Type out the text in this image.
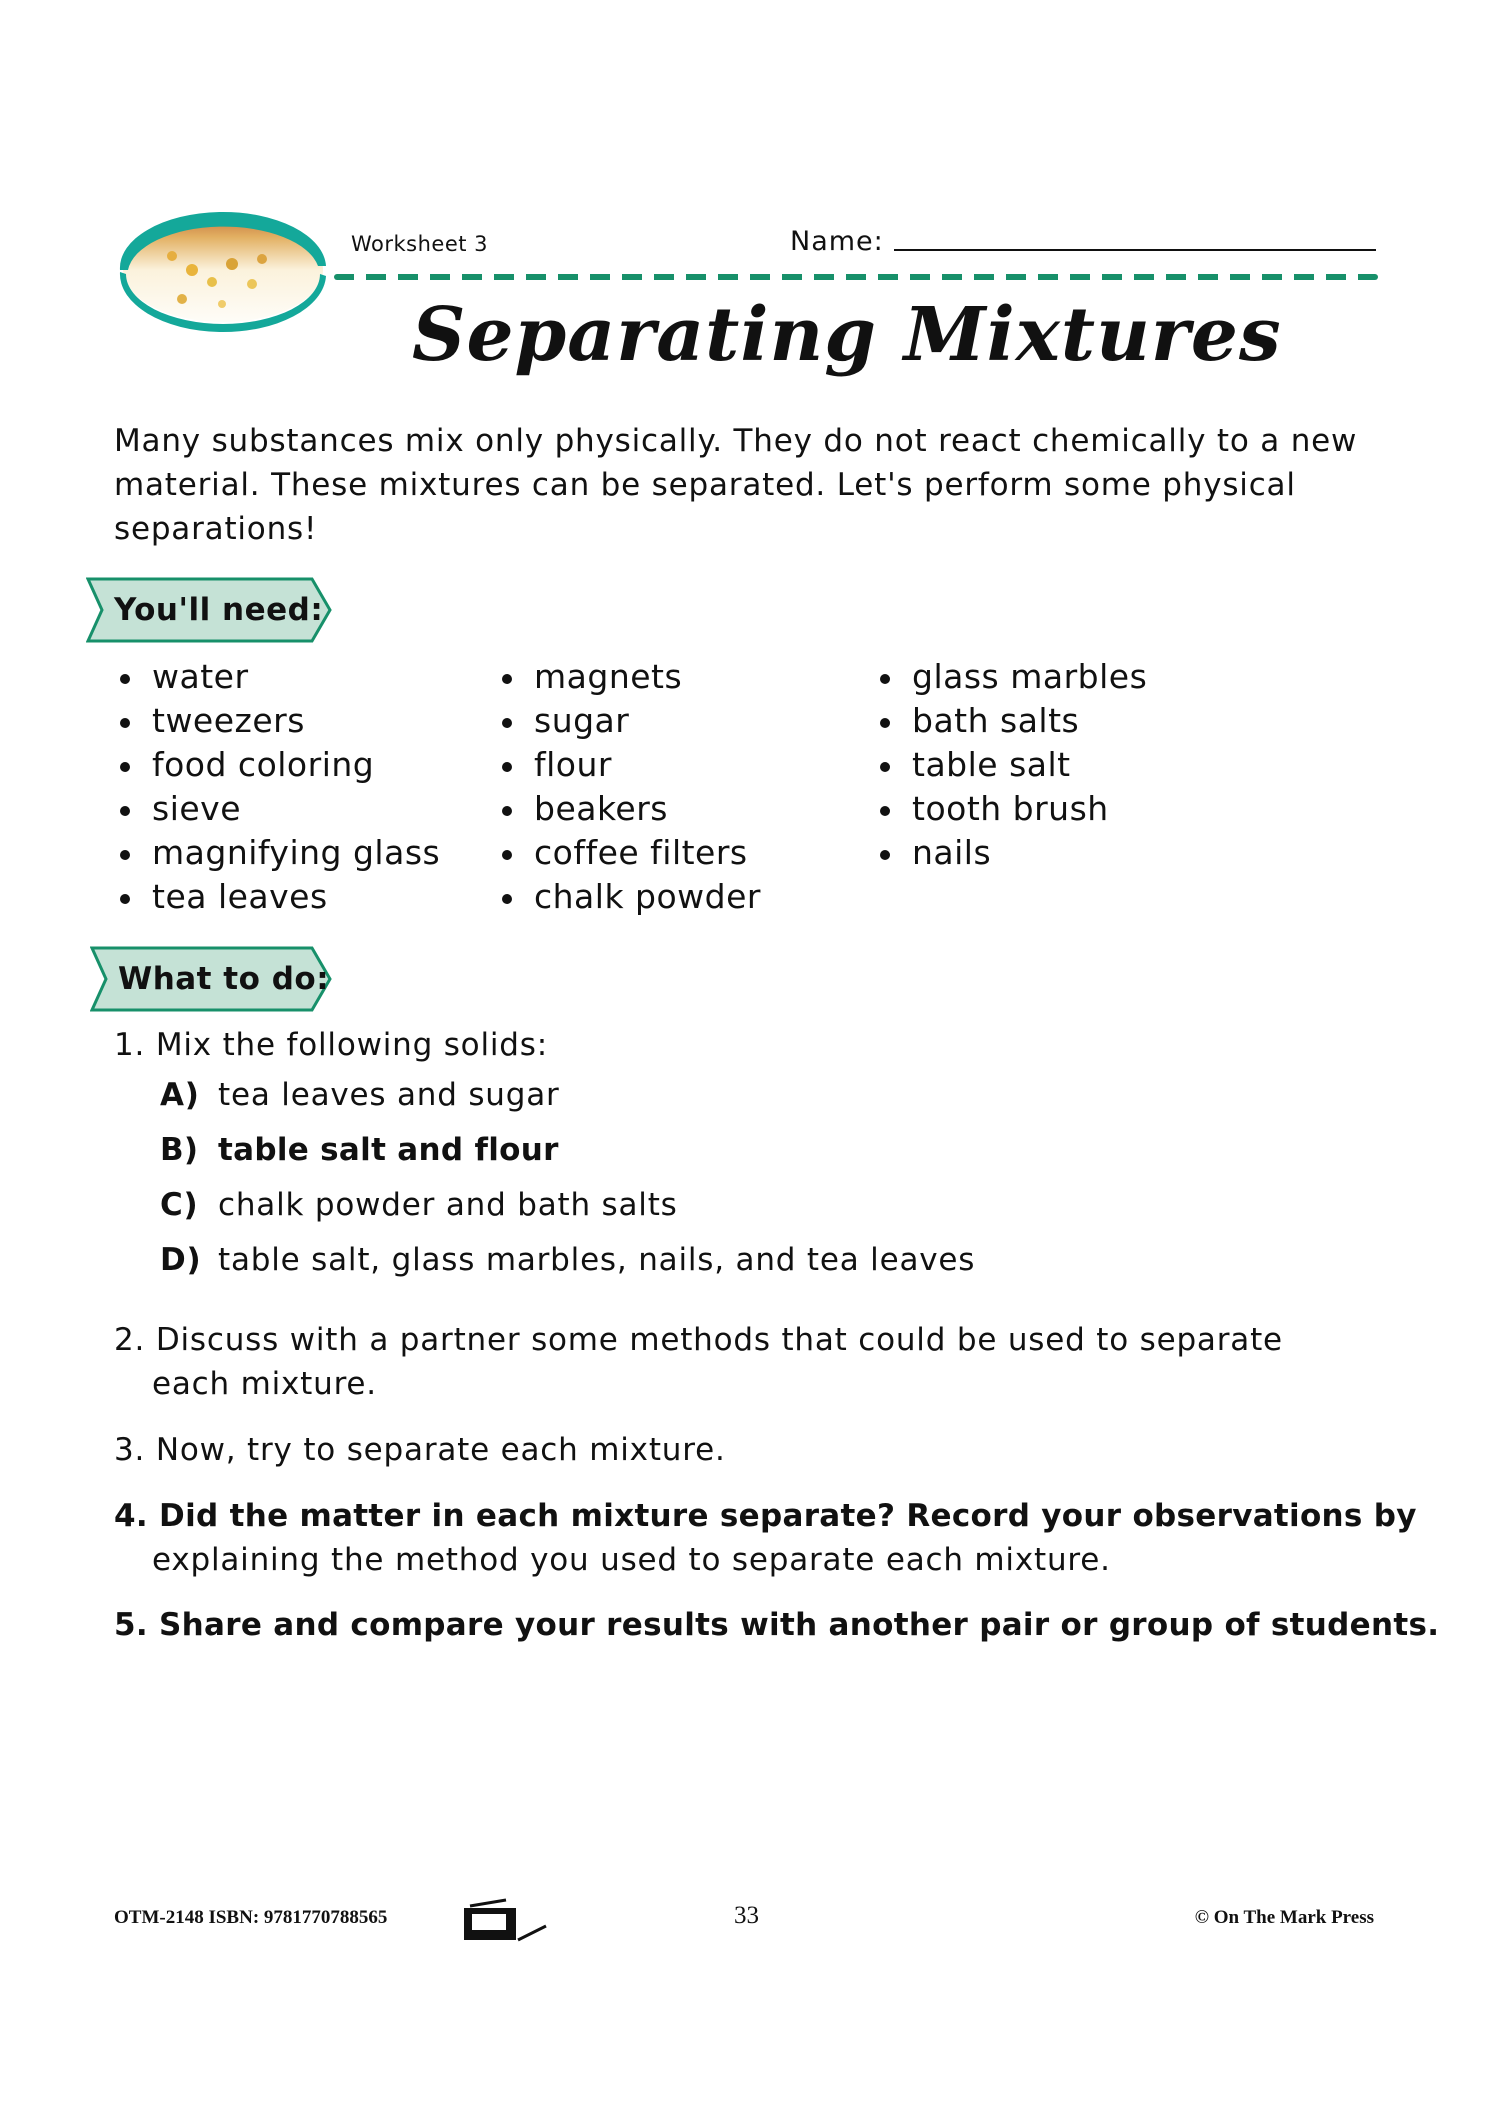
Worksheet 3	Name:
Separating Mixtures
Many substances mix only physically. They do not react chemically to a new material. These mixtures can be separated. Let's perform some physical separations!
You'll need:
water
tweezers
food coloring
sieve
magnifying glass
tea leaves
magnets
sugar
flour
beakers
coffee filters
chalk powder
glass marbles
bath salts
table salt
tooth brush
nails
What to do:
1. Mix the following solids:
A) tea leaves and sugar
B) table salt and flour
C) chalk powder and bath salts
D) table salt, glass marbles, nails, and tea leaves
2. Discuss with a partner some methods that could be used to separate
each mixture.
3. Now, try to separate each mixture.
4. Did the matter in each mixture separate? Record your observations by
explaining the method you used to separate each mixture.
5. Share and compare your results with another pair or group of students.
OTM-2148 ISBN: 9781770788565	33	© On The Mark Press
